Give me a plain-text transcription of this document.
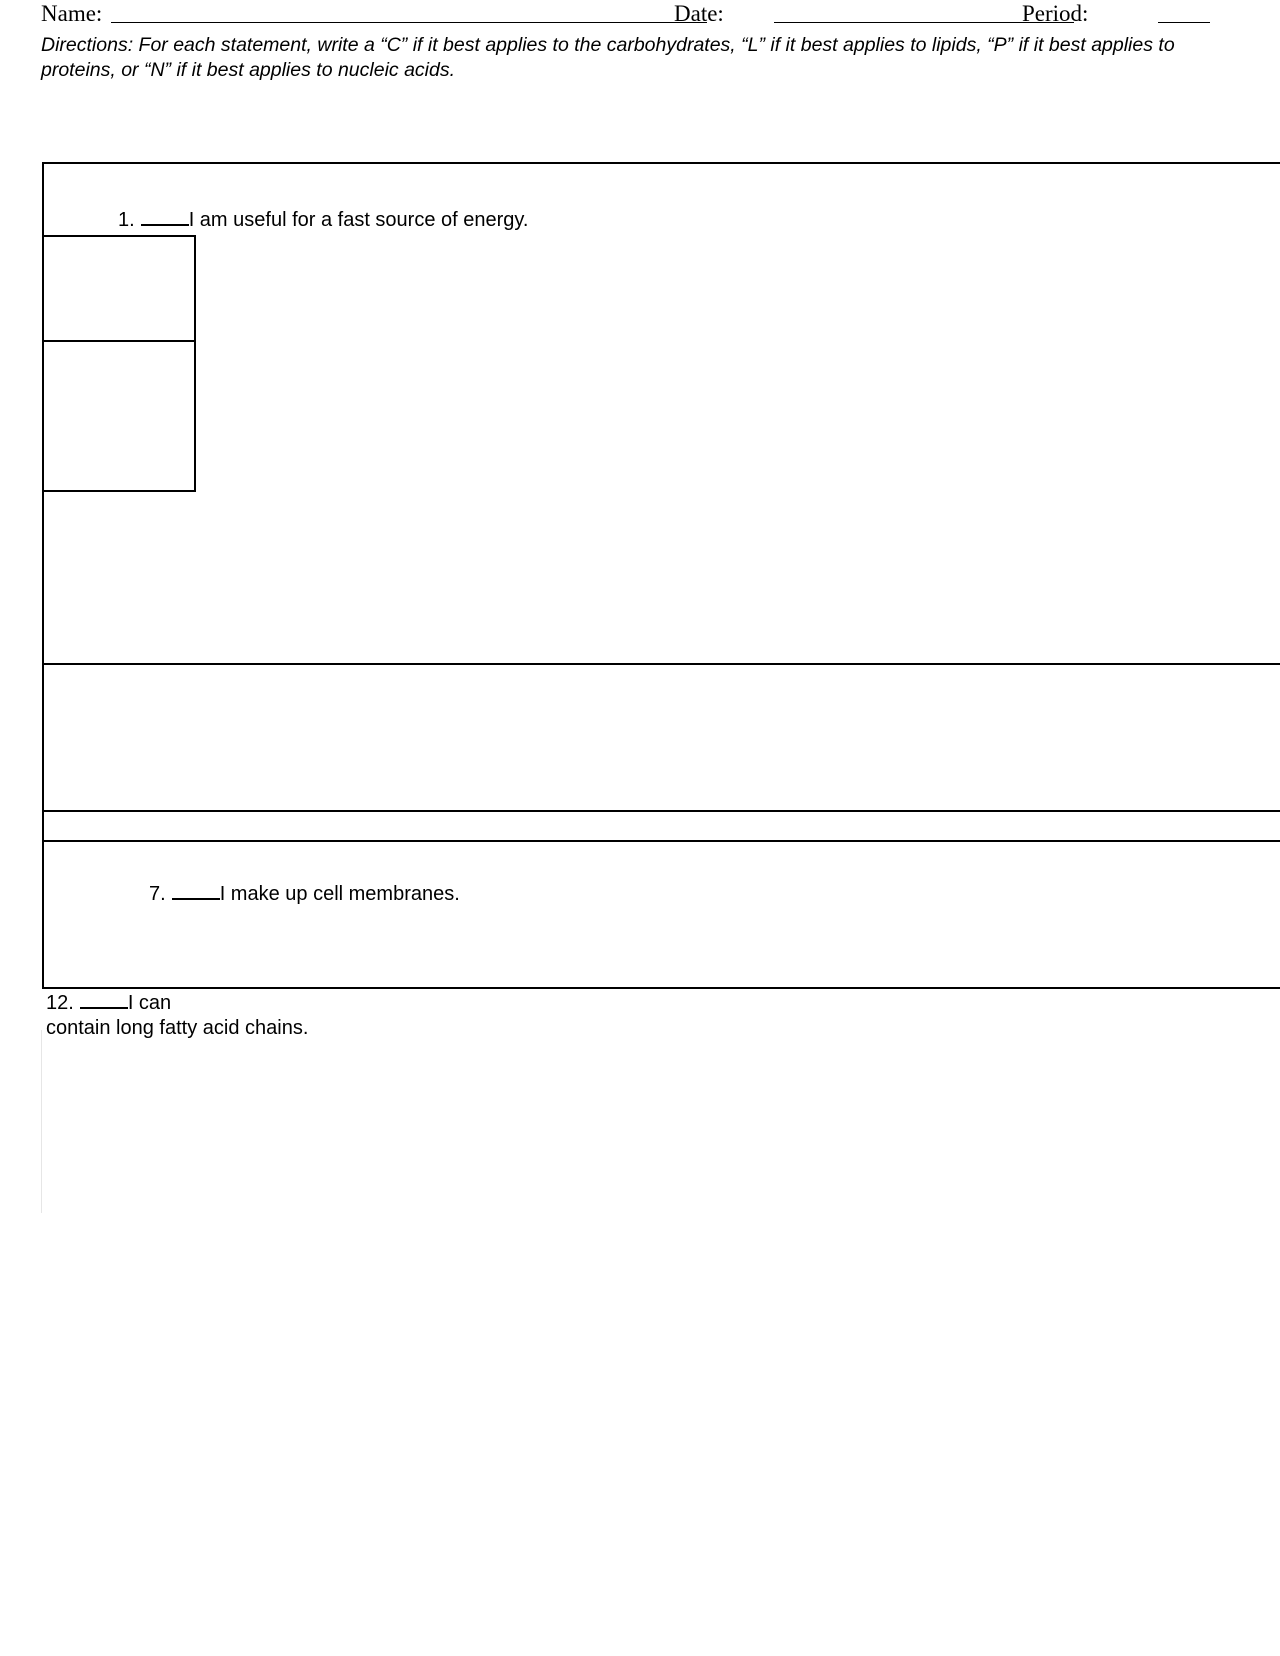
Name:	Date:	Period:
Directions: For each statement, write a “C” if it best applies to the carbohydrates, “L” if it best applies to lipids, “P” if it best applies to proteins, or “N” if it best applies to nucleic acids.
1.	I am useful for a fast source of energy.
7.	I make up cell membranes.
12.	I can
contain long fatty acid chains.
